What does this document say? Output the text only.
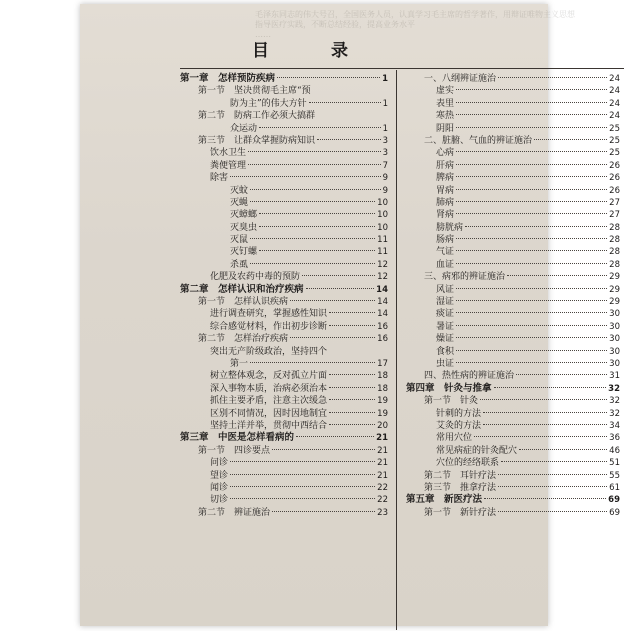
毛泽东同志的伟大号召，全国医务人员，认真学习毛主席的哲学著作，用辩证唯物主义思想
指导医疗实践，不断总结经验，提高业务水平
……
目 录
第一章　怎样预防疾病	1
第一节　坚决贯彻毛主席“预
防为主”的伟大方针	1
第二节　防病工作必须大搞群
众运动	1
第三节　让群众掌握防病知识	3
饮水卫生	3
粪便管理	7
除害	9
灭蚊	9
灭蝇	10
灭蟑螂	10
灭臭虫	10
灭鼠	11
灭钉螺	11
杀虱	12
化肥及农药中毒的预防	12
第二章　怎样认识和治疗疾病	14
第一节　怎样认识疾病	14
进行调查研究，掌握感性知识	14
综合感觉材料，作出初步诊断	16
第二节　怎样治疗疾病	16
突出无产阶级政治，坚持四个
第一	17
树立整体观念，反对孤立片面	18
深入事物本质，治病必须治本	18
抓住主要矛盾，注意主次缓急	19
区别不同情况，因时因地制宜	19
坚持土洋并举，贯彻中西结合	20
第三章　中医是怎样看病的	21
第一节　四诊要点	21
问诊	21
望诊	21
闻诊	22
切诊	22
第二节　辨证施治	23
一、八纲辨证施治	24
虚实	24
表里	24
寒热	24
阴阳	25
二、脏腑、气血的辨证施治	25
心病	25
肝病	26
脾病	26
胃病	26
肺病	27
肾病	27
膀胱病	28
肠病	28
气证	28
血证	28
三、病邪的辨证施治	29
风证	29
湿证	29
痰证	30
暑证	30
燥证	30
食积	30
虫证	30
四、热性病的辨证施治	31
第四章　针灸与推拿	32
第一节　针灸	32
针刺的方法	32
艾灸的方法	34
常用穴位	36
常见病症的针灸配穴	46
穴位的经络联系	51
第二节　耳针疗法	55
第三节　推拿疗法	61
第五章　新医疗法	69
第一节　新针疗法	69
